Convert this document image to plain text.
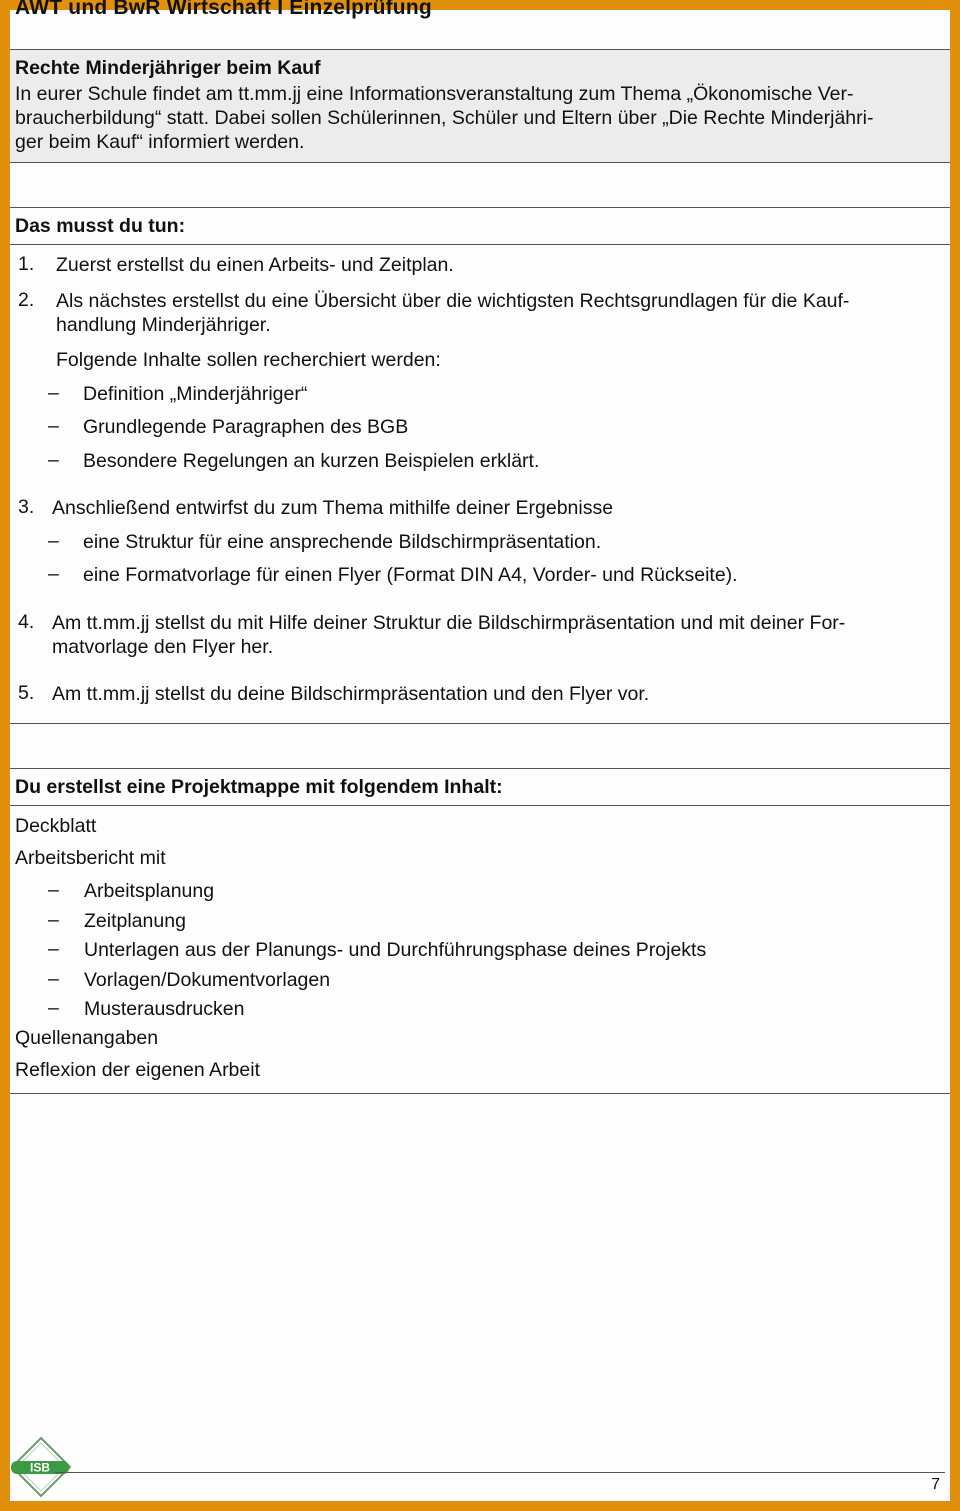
AWT und BwR Wirtschaft I Einzelprüfung
Rechte Minderjähriger beim Kauf
In eurer Schule findet am tt.mm.jj eine Informationsveranstaltung zum Thema „Ökonomische Ver-
braucherbildung“ statt. Dabei sollen Schülerinnen, Schüler und Eltern über „Die Rechte Minderjähri-
ger beim Kauf“ informiert werden.
Das musst du tun:
1. Zuerst erstellst du einen Arbeits- und Zeitplan.
2. Als nächstes erstellst du eine Übersicht über die wichtigsten Rechtsgrundlagen für die Kauf-
handlung Minderjähriger.
Folgende Inhalte sollen recherchiert werden:
– Definition „Minderjähriger“
– Grundlegende Paragraphen des BGB
– Besondere Regelungen an kurzen Beispielen erklärt.
3. Anschließend entwirfst du zum Thema mithilfe deiner Ergebnisse
– eine Struktur für eine ansprechende Bildschirmpräsentation.
– eine Formatvorlage für einen Flyer (Format DIN A4, Vorder- und Rückseite).
4. Am tt.mm.jj stellst du mit Hilfe deiner Struktur die Bildschirmpräsentation und mit deiner For-
matvorlage den Flyer her.
5. Am tt.mm.jj stellst du deine Bildschirmpräsentation und den Flyer vor.
Du erstellst eine Projektmappe mit folgendem Inhalt:
Deckblatt
Arbeitsbericht mit
– Arbeitsplanung
– Zeitplanung
– Unterlagen aus der Planungs- und Durchführungsphase deines Projekts
– Vorlagen/Dokumentvorlagen
– Musterausdrucken
Quellenangaben
Reflexion der eigenen Arbeit
ISB
7
